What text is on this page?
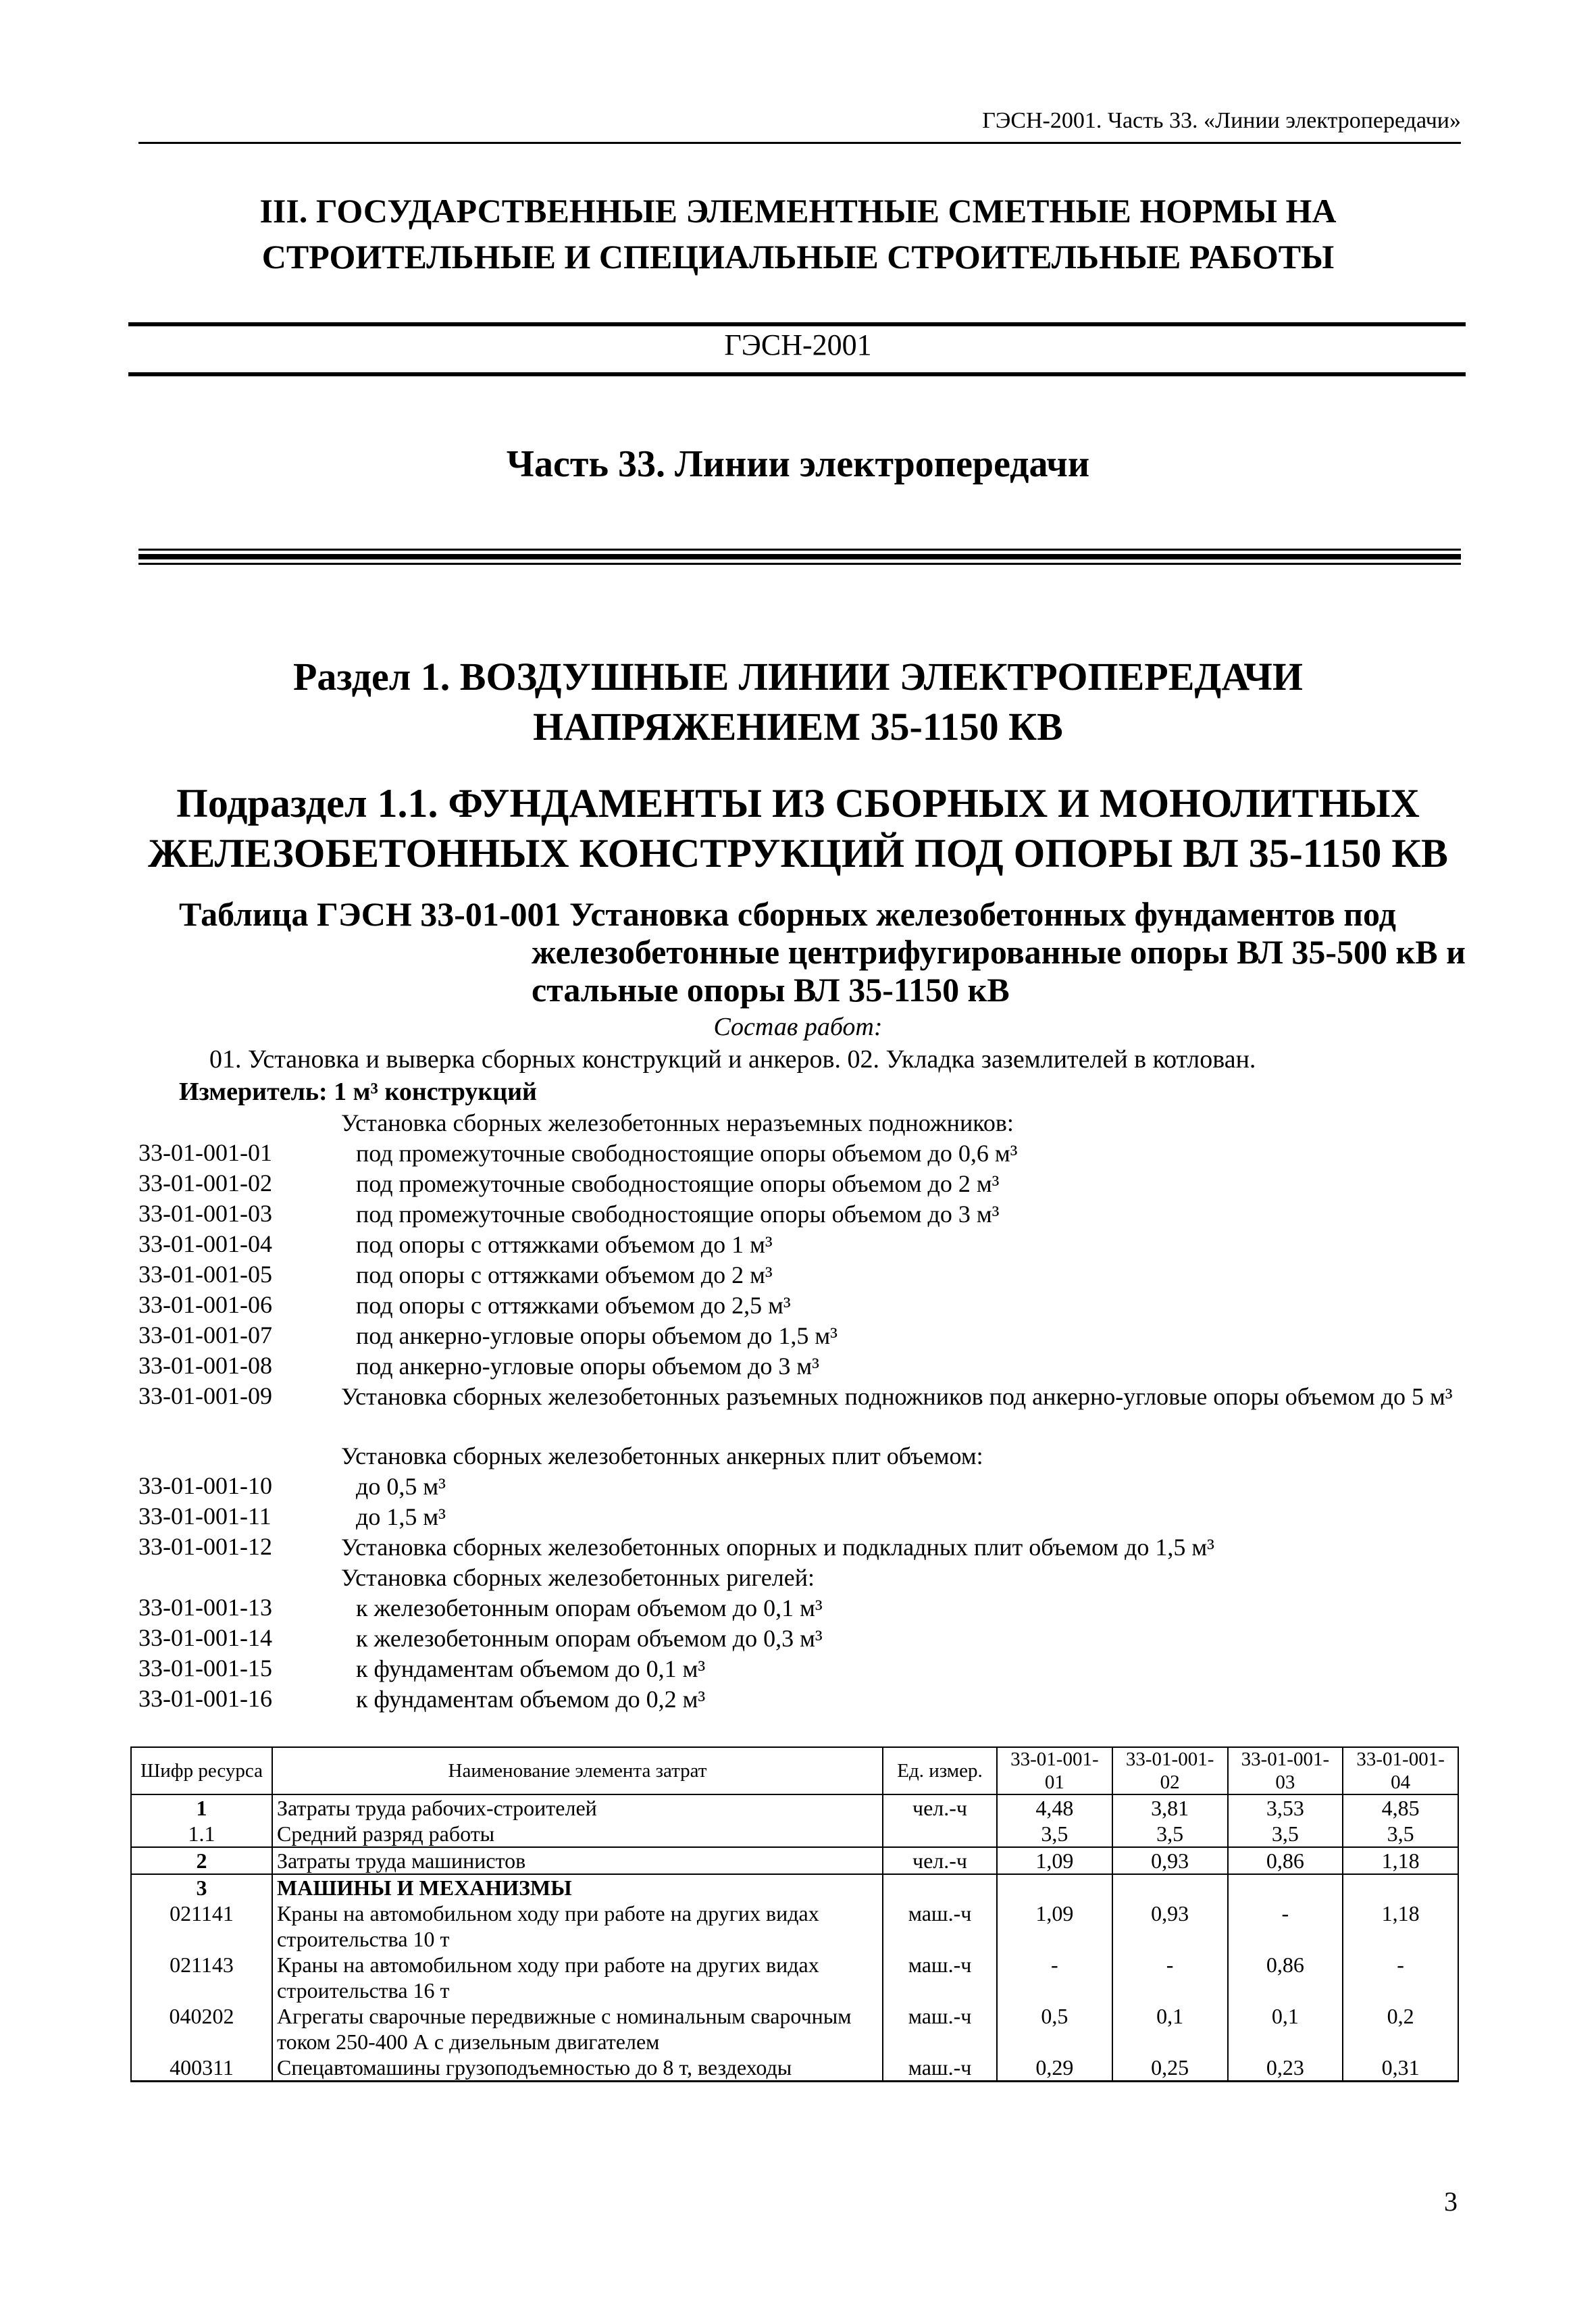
ГЭСН-2001. Часть 33. «Линии электропередачи»
III. ГОСУДАРСТВЕННЫЕ ЭЛЕМЕНТНЫЕ СМЕТНЫЕ НОРМЫ НА
СТРОИТЕЛЬНЫЕ И СПЕЦИАЛЬНЫЕ СТРОИТЕЛЬНЫЕ РАБОТЫ
ГЭСН-2001
Часть 33. Линии электропередачи
Раздел 1. ВОЗДУШНЫЕ ЛИНИИ ЭЛЕКТРОПЕРЕДАЧИ
НАПРЯЖЕНИЕМ 35-1150 КВ
Подраздел 1.1. ФУНДАМЕНТЫ ИЗ СБОРНЫХ И МОНОЛИТНЫХ
ЖЕЛЕЗОБЕТОННЫХ КОНСТРУКЦИЙ ПОД ОПОРЫ ВЛ 35-1150 КВ
Таблица ГЭСН 33-01-001 Установка сборных железобетонных фундаментов под
железобетонные центрифугированные опоры ВЛ 35-500 кВ и
стальные опоры ВЛ 35-1150 кВ
Состав работ:
01. Установка и выверка сборных конструкций и анкеров. 02. Укладка заземлителей в котлован.
Измеритель: 1 м³ конструкций
Установка сборных железобетонных неразъемных подножников:
33-01-001-01	под промежуточные свободностоящие опоры объемом до 0,6 м³
33-01-001-02	под промежуточные свободностоящие опоры объемом до 2 м³
33-01-001-03	под промежуточные свободностоящие опоры объемом до 3 м³
33-01-001-04	под опоры с оттяжками объемом до 1 м³
33-01-001-05	под опоры с оттяжками объемом до 2 м³
33-01-001-06	под опоры с оттяжками объемом до 2,5 м³
33-01-001-07	под анкерно-угловые опоры объемом до 1,5 м³
33-01-001-08	под анкерно-угловые опоры объемом до 3 м³
33-01-001-09	Установка сборных железобетонных разъемных подножников под анкерно-угловые опоры объемом до 5 м³
Установка сборных железобетонных анкерных плит объемом:
33-01-001-10	до 0,5 м³
33-01-001-11	до 1,5 м³
33-01-001-12	Установка сборных железобетонных опорных и подкладных плит объемом до 1,5 м³
Установка сборных железобетонных ригелей:
33-01-001-13	к железобетонным опорам объемом до 0,1 м³
33-01-001-14	к железобетонным опорам объемом до 0,3 м³
33-01-001-15	к фундаментам объемом до 0,1 м³
33-01-001-16	к фундаментам объемом до 0,2 м³
Шифр ресурса	Наименование элемента затрат	Ед. измер.	33-01-001-01	33-01-001-02	33-01-001-03	33-01-001-04
1	Затраты труда рабочих-строителей	чел.-ч	4,48	3,81	3,53	4,85
1.1	Средний разряд работы		3,5	3,5	3,5	3,5
2	Затраты труда машинистов	чел.-ч	1,09	0,93	0,86	1,18
3	МАШИНЫ И МЕХАНИЗМЫ					
021141	Краны на автомобильном ходу при работе на других видах строительства 10 т	маш.-ч	1,09	0,93	-	1,18
021143	Краны на автомобильном ходу при работе на других видах строительства 16 т	маш.-ч	-	-	0,86	-
040202	Агрегаты сварочные передвижные с номинальным сварочным током 250-400 А с дизельным двигателем	маш.-ч	0,5	0,1	0,1	0,2
400311	Спецавтомашины грузоподъемностью до 8 т, вездеходы	маш.-ч	0,29	0,25	0,23	0,31
3
